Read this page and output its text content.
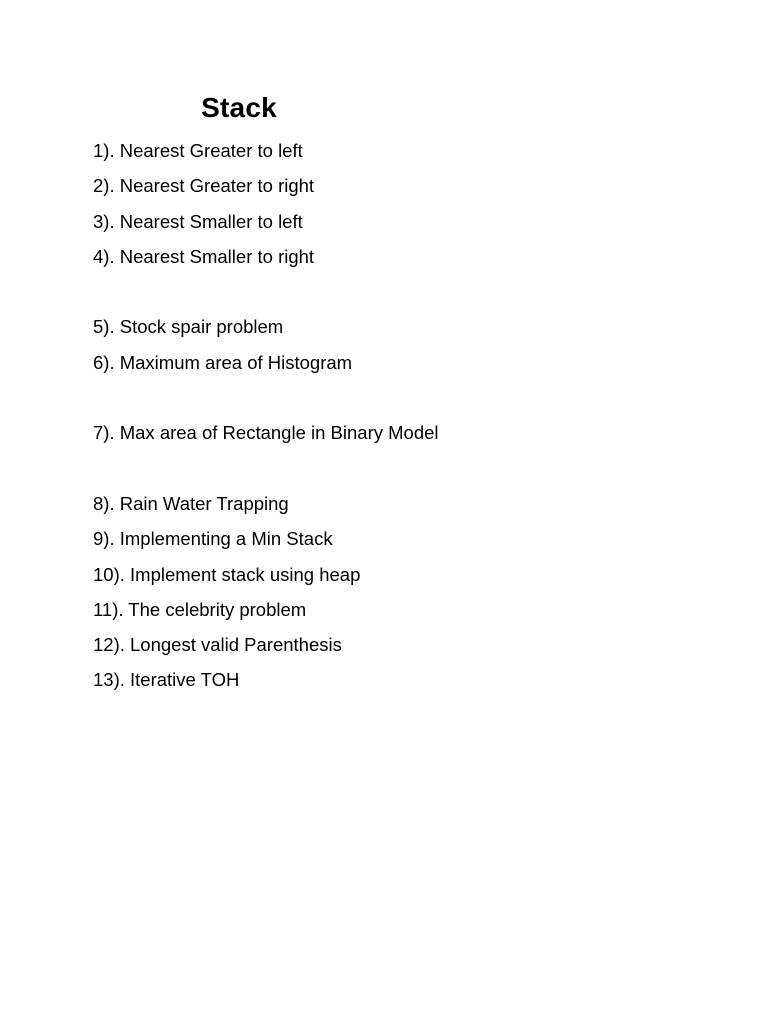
Stack
1). Nearest Greater to left
2). Nearest Greater to right
3). Nearest Smaller to left
4). Nearest Smaller to right
5). Stock spair problem
6). Maximum area of Histogram
7). Max area of Rectangle in Binary Model
8). Rain Water Trapping
9). Implementing a Min Stack
10). Implement stack using heap
11). The celebrity problem
12). Longest valid Parenthesis
13). Iterative TOH
